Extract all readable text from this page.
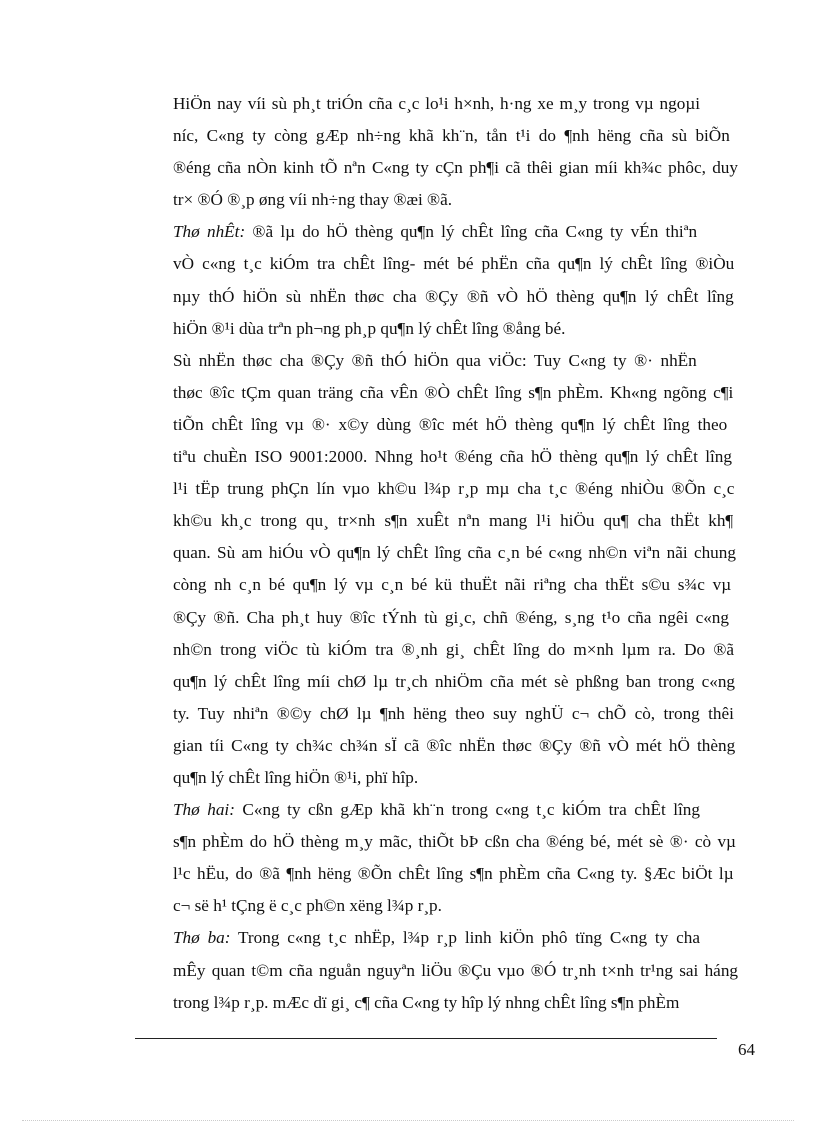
HiÖn nay víi sù ph¸t triÓn cña c¸c lo¹i h×nh, h·ng xe m¸y trong vµ ngoµi
níc, C«ng ty còng gÆp nh÷ng khã kh¨n, tån t¹i do ¶nh hëng cña sù biÕn
®éng cña nÒn kinh tÕ nªn C«ng ty cÇn ph¶i cã thêi gian míi kh¾c phôc, duy
tr× ®Ó ®¸p øng víi nh÷ng thay ®æi ®ã.

Thø nhÊt: ®ã lµ do hÖ thèng qu¶n lý chÊt lîng cña C«ng ty vÉn thiªn
vÒ c«ng t¸c kiÓm tra chÊt lîng- mét bé phËn cña qu¶n lý chÊt lîng ®iÒu
nµy thÓ hiÖn sù nhËn thøc cha ®Çy ®ñ vÒ hÖ thèng qu¶n lý chÊt lîng
hiÖn ®¹i dùa trªn ph¬ng ph¸p qu¶n lý chÊt lîng ®ång bé.

Sù nhËn thøc cha ®Çy ®ñ thÓ hiÖn qua viÖc: Tuy C«ng ty ®· nhËn
thøc ®îc tÇm quan träng cña vÊn ®Ò chÊt lîng s¶n phÈm. Kh«ng ngõng c¶i
tiÕn chÊt lîng vµ ®· x©y dùng ®îc mét hÖ thèng qu¶n lý chÊt lîng theo
tiªu chuÈn ISO 9001:2000. Nhng ho¹t ®éng cña hÖ thèng qu¶n lý chÊt lîng
l¹i tËp trung phÇn lín vµo kh©u l¾p r¸p mµ cha t¸c ®éng nhiÒu ®Õn c¸c
kh©u kh¸c trong qu¸ tr×nh s¶n xuÊt nªn mang l¹i hiÖu qu¶ cha thËt kh¶
quan. Sù am hiÓu vÒ qu¶n lý chÊt lîng cña c¸n bé c«ng nh©n viªn nãi chung
còng nh c¸n bé qu¶n lý vµ c¸n bé kü thuËt nãi riªng cha thËt s©u s¾c vµ
®Çy ®ñ. Cha ph¸t huy ®îc tÝnh tù gi¸c, chñ ®éng, s¸ng t¹o cña ngêi c«ng
nh©n trong viÖc tù kiÓm tra ®¸nh gi¸ chÊt lîng do m×nh lµm ra. Do ®ã
qu¶n lý chÊt lîng míi chØ lµ tr¸ch nhiÖm cña mét sè phßng ban trong c«ng
ty. Tuy nhiªn ®©y chØ lµ ¶nh hëng theo suy nghÜ c¬ chÕ cò, trong thêi
gian tíi C«ng ty ch¾c ch¾n sÏ cã ®îc nhËn thøc ®Çy ®ñ vÒ mét hÖ thèng
qu¶n lý chÊt lîng hiÖn ®¹i, phï hîp.

Thø hai: C«ng ty cßn gÆp khã kh¨n trong c«ng t¸c kiÓm tra chÊt lîng
s¶n phÈm do hÖ thèng m¸y mãc, thiÕt bÞ cßn cha ®éng bé, mét sè ®· cò vµ
l¹c hËu, do ®ã ¶nh hëng ®Õn chÊt lîng s¶n phÈm cña C«ng ty. §Æc biÖt lµ
c¬ së h¹ tÇng ë c¸c ph©n xëng l¾p r¸p.

Thø ba: Trong c«ng t¸c nhËp, l¾p r¸p linh kiÖn phô tïng C«ng ty cha
mÊy quan t©m cña nguån nguyªn liÖu ®Çu vµo ®Ó tr¸nh t×nh tr¹ng sai háng
trong l¾p r¸p. mÆc dï gi¸ c¶ cña C«ng ty hîp lý nhng chÊt lîng s¶n phÈm

64
